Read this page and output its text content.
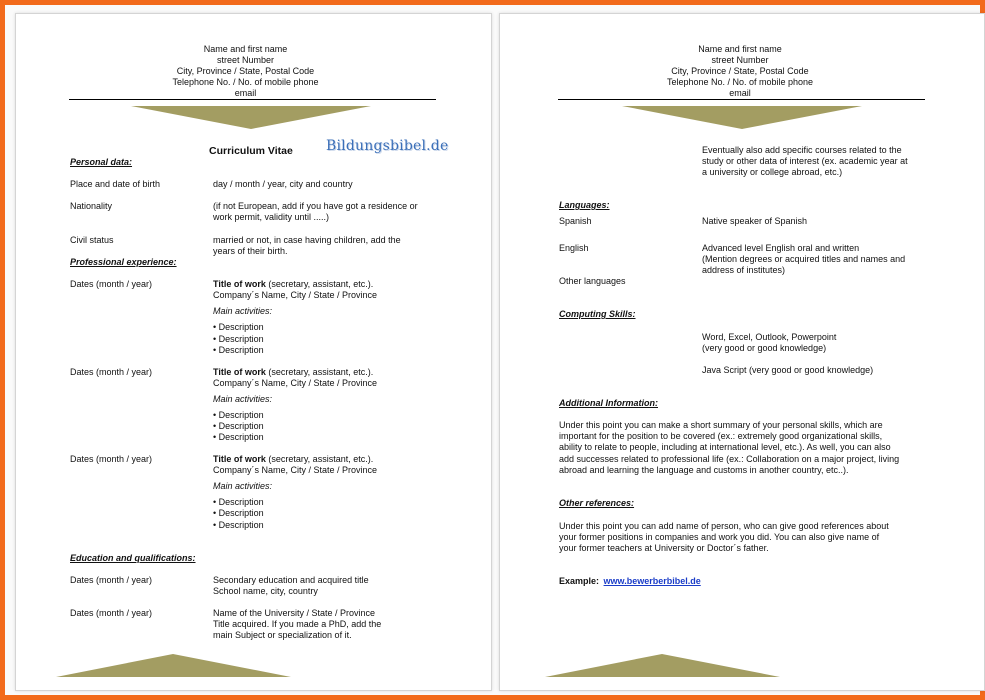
Name and first name
street Number
City, Province / State, Postal Code
Telephone No. / No. of mobile phone
email
Curriculum Vitae Bildungsbibel.de
Personal data:
Place and date of birth	day / month / year, city and country
Nationality	(if not European, add if you have got a residence or
work permit, validity until .....)
Civil status	married or not, in case having children, add the
years of their birth.
Professional experience:
Dates (month / year)	Title of work (secretary, assistant, etc.).
Company´s Name, City / State / Province
Main activities:
• Description
• Description
• Description
Dates (month / year)	Title of work (secretary, assistant, etc.).
Company´s Name, City / State / Province
Main activities:
• Description
• Description
• Description
Dates (month / year)	Title of work (secretary, assistant, etc.).
Company´s Name, City / State / Province
Main activities:
• Description
• Description
• Description
Education and qualifications:
Dates (month / year)	Secondary education and acquired title
School name, city, country
Dates (month / year)	Name of the University / State / Province
Title acquired. If you made a PhD, add the
main Subject or specialization of it.
Name and first name
street Number
City, Province / State, Postal Code
Telephone No. / No. of mobile phone
email
Eventually also add specific courses related to the
study or other data of interest (ex. academic year at
a university or college abroad, etc.)
Languages:
Spanish	Native speaker of Spanish
English	Advanced level English oral and written
(Mention degrees or acquired titles and names and
address of institutes)
Other languages
Computing Skills:
Word, Excel, Outlook, Powerpoint
(very good or good knowledge)
Java Script (very good or good knowledge)
Additional Information:
Under this point you can make a short summary of your personal skills, which are
important for the position to be covered (ex.: extremely good organizational skills,
ability to relate to people, including at international level, etc.). As well, you can also
add successes related to professional life (ex.: Collaboration on a major project, living
abroad and learning the language and customs in another country, etc..).
Other references:
Under this point you can add name of person, who can give good references about
your former positions in companies and work you did. You can also give name of
your former teachers at University or Doctor´s father.
Example: www.bewerberbibel.de
